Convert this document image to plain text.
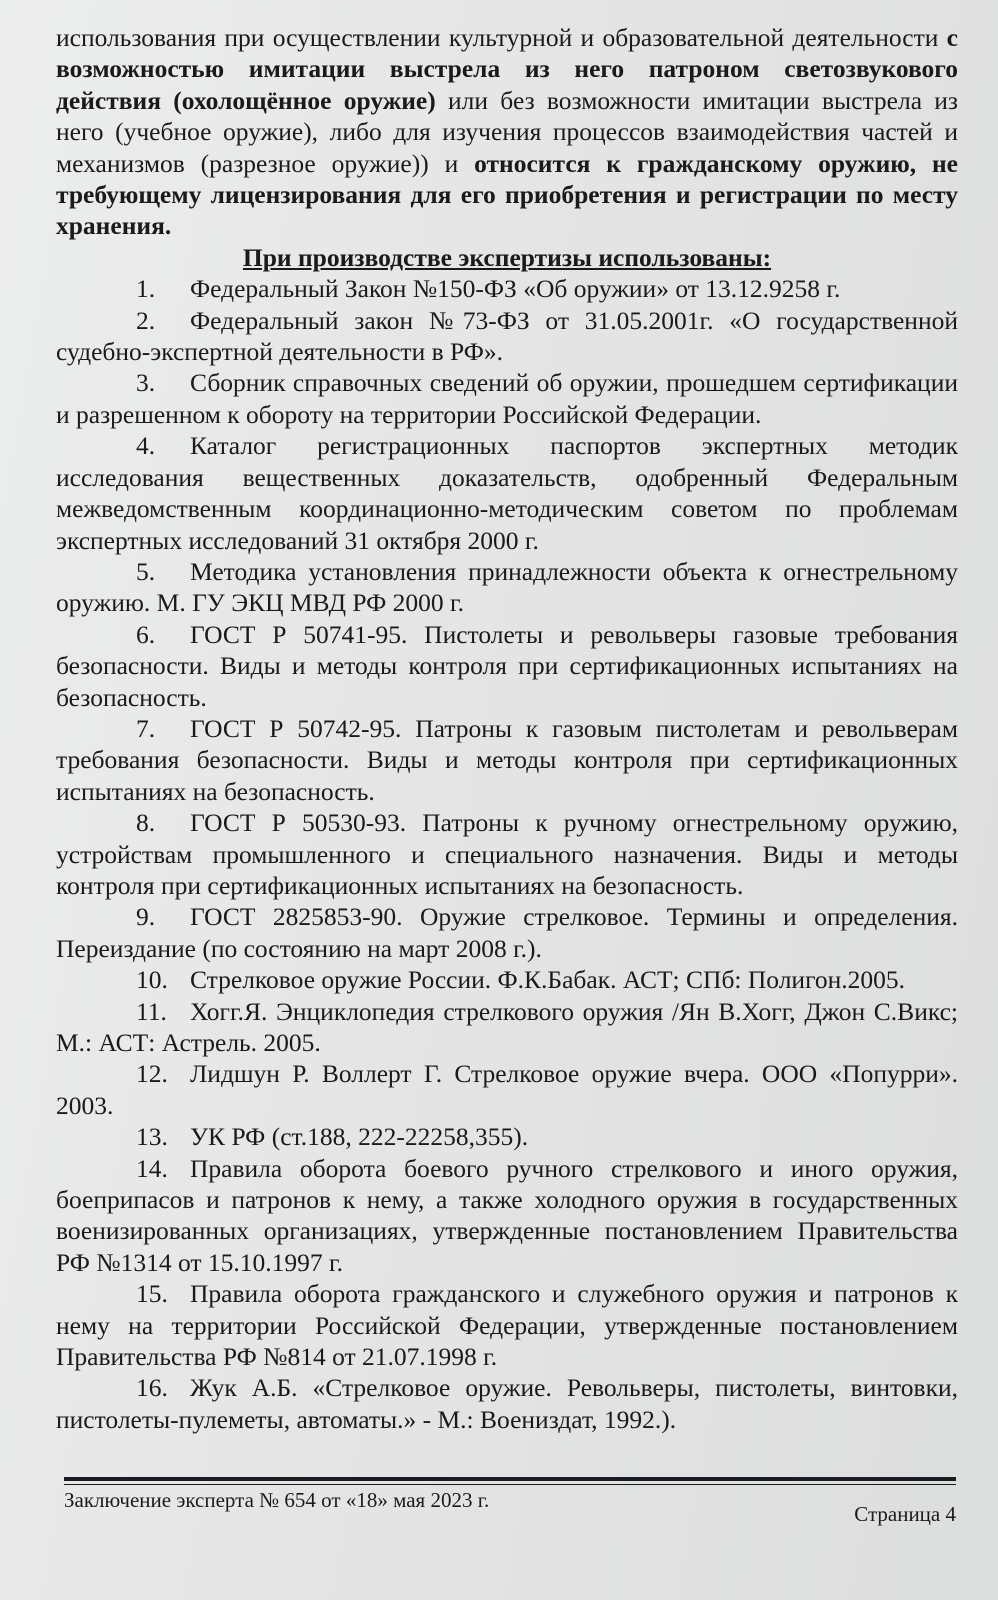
использования при осуществлении культурной и образовательной деятельности с возможностью имитации выстрела из него патроном светозвукового действия (охолощённое оружие) или без возможности имитации выстрела из него (учебное оружие), либо для изучения процессов взаимодействия частей и механизмов (разрезное оружие)) и относится к гражданскому оружию, не требующему лицензирования для его приобретения и регистрации по месту хранения.

При производстве экспертизы использованы:

1. Федеральный Закон №150-ФЗ «Об оружии» от 13.12.9258 г.

2. Федеральный закон №73-ФЗ от 31.05.2001г. «О государственной судебно-экспертной деятельности в РФ».

3. Сборник справочных сведений об оружии, прошедшем сертификации и разрешенном к обороту на территории Российской Федерации.

4. Каталог регистрационных паспортов экспертных методик исследования вещественных доказательств, одобренный Федеральным межведомственным координационно-методическим советом по проблемам экспертных исследований 31 октября 2000 г.

5. Методика установления принадлежности объекта к огнестрельному оружию. М. ГУ ЭКЦ МВД РФ 2000 г.

6. ГОСТ Р 50741-95. Пистолеты и револьверы газовые требования безопасности. Виды и методы контроля при сертификационных испытаниях на безопасность.

7. ГОСТ Р 50742-95. Патроны к газовым пистолетам и револьверам требования безопасности. Виды и методы контроля при сертификационных испытаниях на безопасность.

8. ГОСТ Р 50530-93. Патроны к ручному огнестрельному оружию, устройствам промышленного и специального назначения. Виды и методы контроля при сертификационных испытаниях на безопасность.

9. ГОСТ 2825853-90. Оружие стрелковое. Термины и определения. Переиздание (по состоянию на март 2008 г.).

10. Стрелковое оружие России. Ф.К.Бабак. АСТ; СПб: Полигон.2005.

11. Хогг.Я. Энциклопедия стрелкового оружия /Ян В.Хогг, Джон С.Викс; М.: АСТ: Астрель. 2005.

12. Лидшун Р. Воллерт Г. Стрелковое оружие вчера. ООО «Попурри». 2003.

13. УК РФ (ст.188, 222-22258,355).

14. Правила оборота боевого ручного стрелкового и иного оружия, боеприпасов и патронов к нему, а также холодного оружия в государственных военизированных организациях, утвержденные постановлением Правительства РФ №1314 от 15.10.1997 г.

15. Правила оборота гражданского и служебного оружия и патронов к нему на территории Российской Федерации, утвержденные постановлением Правительства РФ №814 от 21.07.1998 г.

16. Жук А.Б. «Стрелковое оружие. Револьверы, пистолеты, винтовки, пистолеты-пулеметы, автоматы.» - М.: Воениздат, 1992.).

Заключение эксперта № 654 от «18» мая 2023 г.
Страница 4
